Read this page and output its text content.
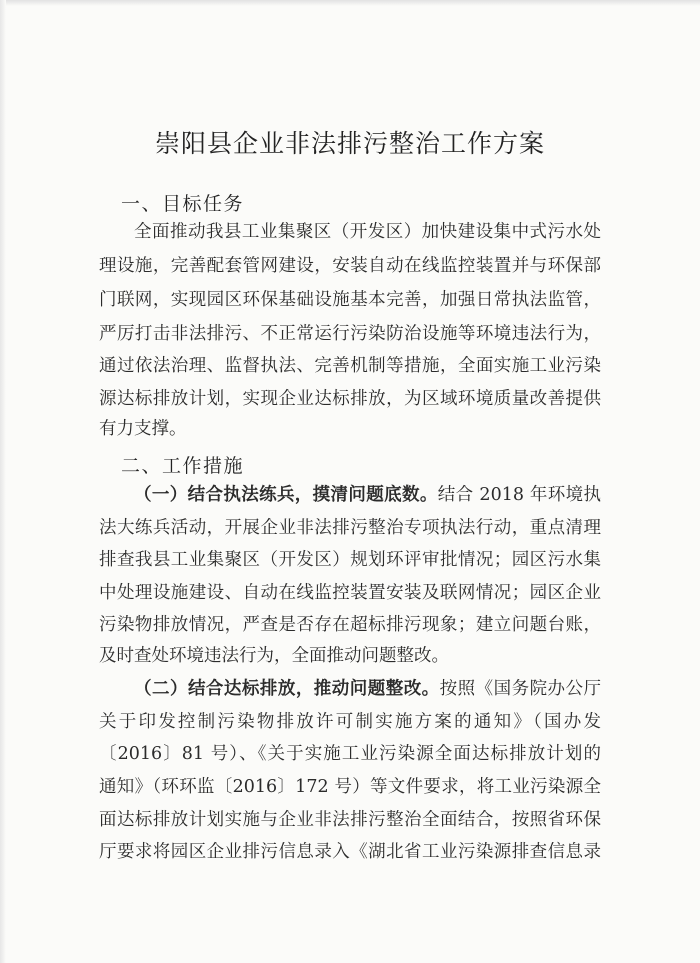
崇阳县企业非法排污整治工作方案
一、目标任务
全面推动我县工业集聚区（开发区）加快建设集中式污水处
理设施，完善配套管网建设，安装自动在线监控装置并与环保部
门联网，实现园区环保基础设施基本完善，加强日常执法监管，
严厉打击非法排污、不正常运行污染防治设施等环境违法行为，
通过依法治理、监督执法、完善机制等措施，全面实施工业污染
源达标排放计划，实现企业达标排放，为区域环境质量改善提供
有力支撑。
二、工作措施
（一）结合执法练兵，摸清问题底数。结合 2018 年环境执
法大练兵活动，开展企业非法排污整治专项执法行动，重点清理
排查我县工业集聚区（开发区）规划环评审批情况；园区污水集
中处理设施建设、自动在线监控装置安装及联网情况；园区企业
污染物排放情况，严查是否存在超标排污现象；建立问题台账，
及时查处环境违法行为，全面推动问题整改。
（二）结合达标排放，推动问题整改。按照《国务院办公厅
关于印发控制污染物排放许可制实施方案的通知》（国办发
〔2016〕81 号）、《关于实施工业污染源全面达标排放计划的
通知》（环环监〔2016〕172 号）等文件要求，将工业污染源全
面达标排放计划实施与企业非法排污整治全面结合，按照省环保
厅要求将园区企业排污信息录入《湖北省工业污染源排查信息录
